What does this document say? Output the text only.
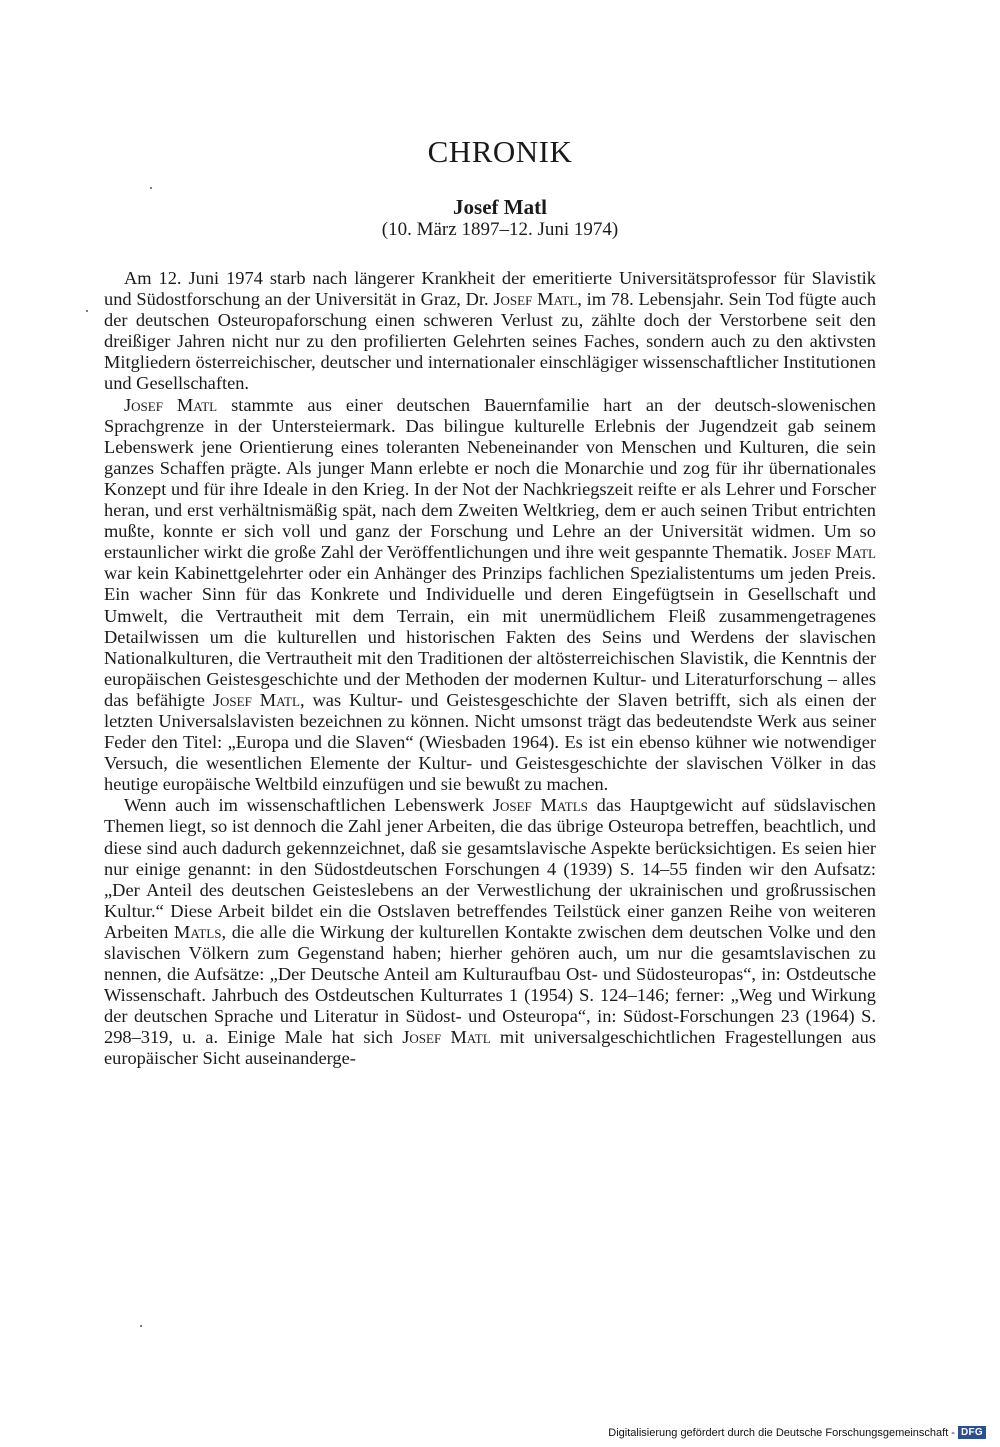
CHRONIK
Josef Matl
(10. März 1897–12. Juni 1974)

Am 12. Juni 1974 starb nach längerer Krankheit der emeritierte Universitätsprofessor für Slavistik und Südostforschung an der Universität in Graz, Dr. Josef Matl, im 78. Lebensjahr. Sein Tod fügte auch der deutschen Osteuropaforschung einen schweren Verlust zu, zählte doch der Verstorbene seit den dreißiger Jahren nicht nur zu den profilierten Gelehrten seines Faches, sondern auch zu den aktivsten Mitgliedern österreichischer, deutscher und internationaler einschlägiger wissenschaftlicher Institutionen und Gesellschaften.

Josef Matl stammte aus einer deutschen Bauernfamilie hart an der deutsch-slowenischen Sprachgrenze in der Untersteiermark. Das bilingue kulturelle Erlebnis der Jugendzeit gab seinem Lebenswerk jene Orientierung eines toleranten Nebeneinander von Menschen und Kulturen, die sein ganzes Schaffen prägte. Als junger Mann erlebte er noch die Monarchie und zog für ihr übernationales Konzept und für ihre Ideale in den Krieg. In der Not der Nachkriegszeit reifte er als Lehrer und Forscher heran, und erst verhältnismäßig spät, nach dem Zweiten Weltkrieg, dem er auch seinen Tribut entrichten mußte, konnte er sich voll und ganz der Forschung und Lehre an der Universität widmen. Um so erstaunlicher wirkt die große Zahl der Veröffentlichungen und ihre weit gespannte Thematik. Josef Matl war kein Kabinettgelehrter oder ein Anhänger des Prinzips fachlichen Spezialistentums um jeden Preis. Ein wacher Sinn für das Konkrete und Individuelle und deren Eingefügtsein in Gesellschaft und Umwelt, die Vertrautheit mit dem Terrain, ein mit unermüdlichem Fleiß zusammengetragenes Detailwissen um die kulturellen und historischen Fakten des Seins und Werdens der slavischen Nationalkulturen, die Vertrautheit mit den Traditionen der altösterreichischen Slavistik, die Kenntnis der europäischen Geistesgeschichte und der Methoden der modernen Kultur- und Literaturforschung – alles das befähigte Josef Matl, was Kultur- und Geistesgeschichte der Slaven betrifft, sich als einen der letzten Universalslavisten bezeichnen zu können. Nicht umsonst trägt das bedeutendste Werk aus seiner Feder den Titel: „Europa und die Slaven“ (Wiesbaden 1964). Es ist ein ebenso kühner wie notwendiger Versuch, die wesentlichen Elemente der Kultur- und Geistesgeschichte der slavischen Völker in das heutige europäische Weltbild einzufügen und sie bewußt zu machen.

Wenn auch im wissenschaftlichen Lebenswerk Josef Matls das Hauptgewicht auf südslavischen Themen liegt, so ist dennoch die Zahl jener Arbeiten, die das übrige Osteuropa betreffen, beachtlich, und diese sind auch dadurch gekennzeichnet, daß sie gesamtslavische Aspekte berücksichtigen. Es seien hier nur einige genannt: in den Südostdeutschen Forschungen 4 (1939) S. 14–55 finden wir den Aufsatz: „Der Anteil des deutschen Geisteslebens an der Verwestlichung der ukrainischen und großrussischen Kultur.“ Diese Arbeit bildet ein die Ostslaven betreffendes Teilstück einer ganzen Reihe von weiteren Arbeiten Matls, die alle die Wirkung der kulturellen Kontakte zwischen dem deutschen Volke und den slavischen Völkern zum Gegenstand haben; hierher gehören auch, um nur die gesamtslavischen zu nennen, die Aufsätze: „Der Deutsche Anteil am Kulturaufbau Ost- und Südosteuropas“, in: Ostdeutsche Wissenschaft. Jahrbuch des Ostdeutschen Kulturrates 1 (1954) S. 124–146; ferner: „Weg und Wirkung der deutschen Sprache und Literatur in Südost- und Osteuropa“, in: Südost-Forschungen 23 (1964) S. 298–319, u. a. Einige Male hat sich Josef Matl mit universalgeschichtlichen Fragestellungen aus europäischer Sicht auseinanderge-

Digitalisierung gefördert durch die Deutsche Forschungsgemeinschaft - DFG
